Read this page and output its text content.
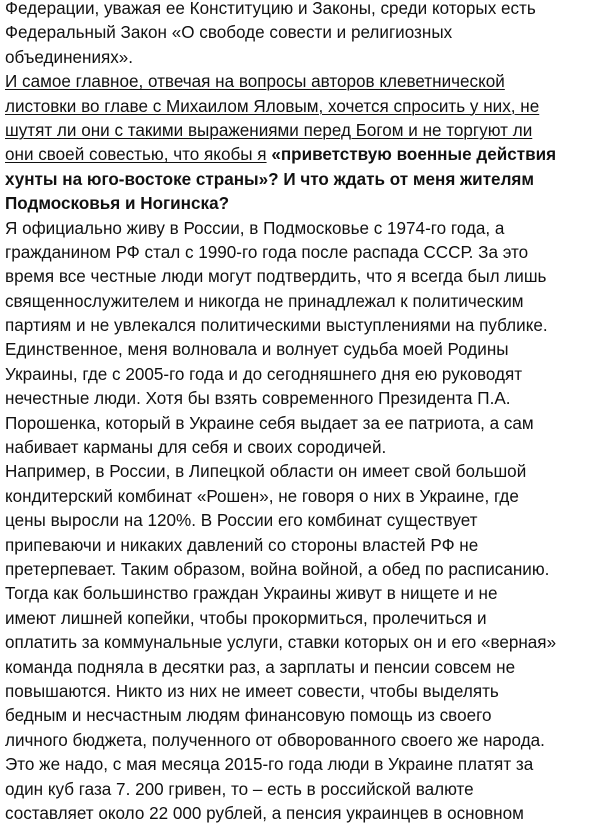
Федерации, уважая ее Конституцию и Законы, среди которых есть
Федеральный Закон «О свободе совести и религиозных
объединениях».
И самое главное, отвечая на вопросы авторов клеветнической
листовки во главе с Михаилом Яловым, хочется спросить у них, не
шутят ли они с такими выражениями перед Богом и не торгуют ли
они своей совестью, что якобы я «приветствую военные действия
хунты на юго-востоке страны»? И что ждать от меня жителям
Подмосковья и Ногинска?
Я официально живу в России, в Подмосковье с 1974-го года, а
гражданином РФ стал с 1990-го года после распада СССР. За это
время все честные люди могут подтвердить, что я всегда был лишь
священнослужителем и никогда не принадлежал к политическим
партиям и не увлекался политическими выступлениями на публике.
Единственное, меня волновала и волнует судьба моей Родины
Украины, где с 2005-го года и до сегодняшнего дня ею руководят
нечестные люди. Хотя бы взять современного Президента П.А.
Порошенка, который в Украине себя выдает за ее патриота, а сам
набивает карманы для себя и своих сородичей.
Например, в России, в Липецкой области он имеет свой большой
кондитерский комбинат «Рошен», не говоря о них в Украине, где
цены выросли на 120%. В России его комбинат существует
припеваючи и никаких давлений со стороны властей РФ не
претерпевает. Таким образом, война войной, а обед по расписанию.
Тогда как большинство граждан Украины живут в нищете и не
имеют лишней копейки, чтобы прокормиться, пролечиться и
оплатить за коммунальные услуги, ставки которых он и его «верная»
команда подняла в десятки раз, а зарплаты и пенсии совсем не
повышаются. Никто из них не имеет совести, чтобы выделять
бедным и несчастным людям финансовую помощь из своего
личного бюджета, полученного от обворованного своего же народа.
Это же надо, с мая месяца 2015-го года люди в Украине платят за
один куб газа 7. 200 гривен, то – есть в российской валюте
составляет около 22 000 рублей, а пенсия украинцев в основном
